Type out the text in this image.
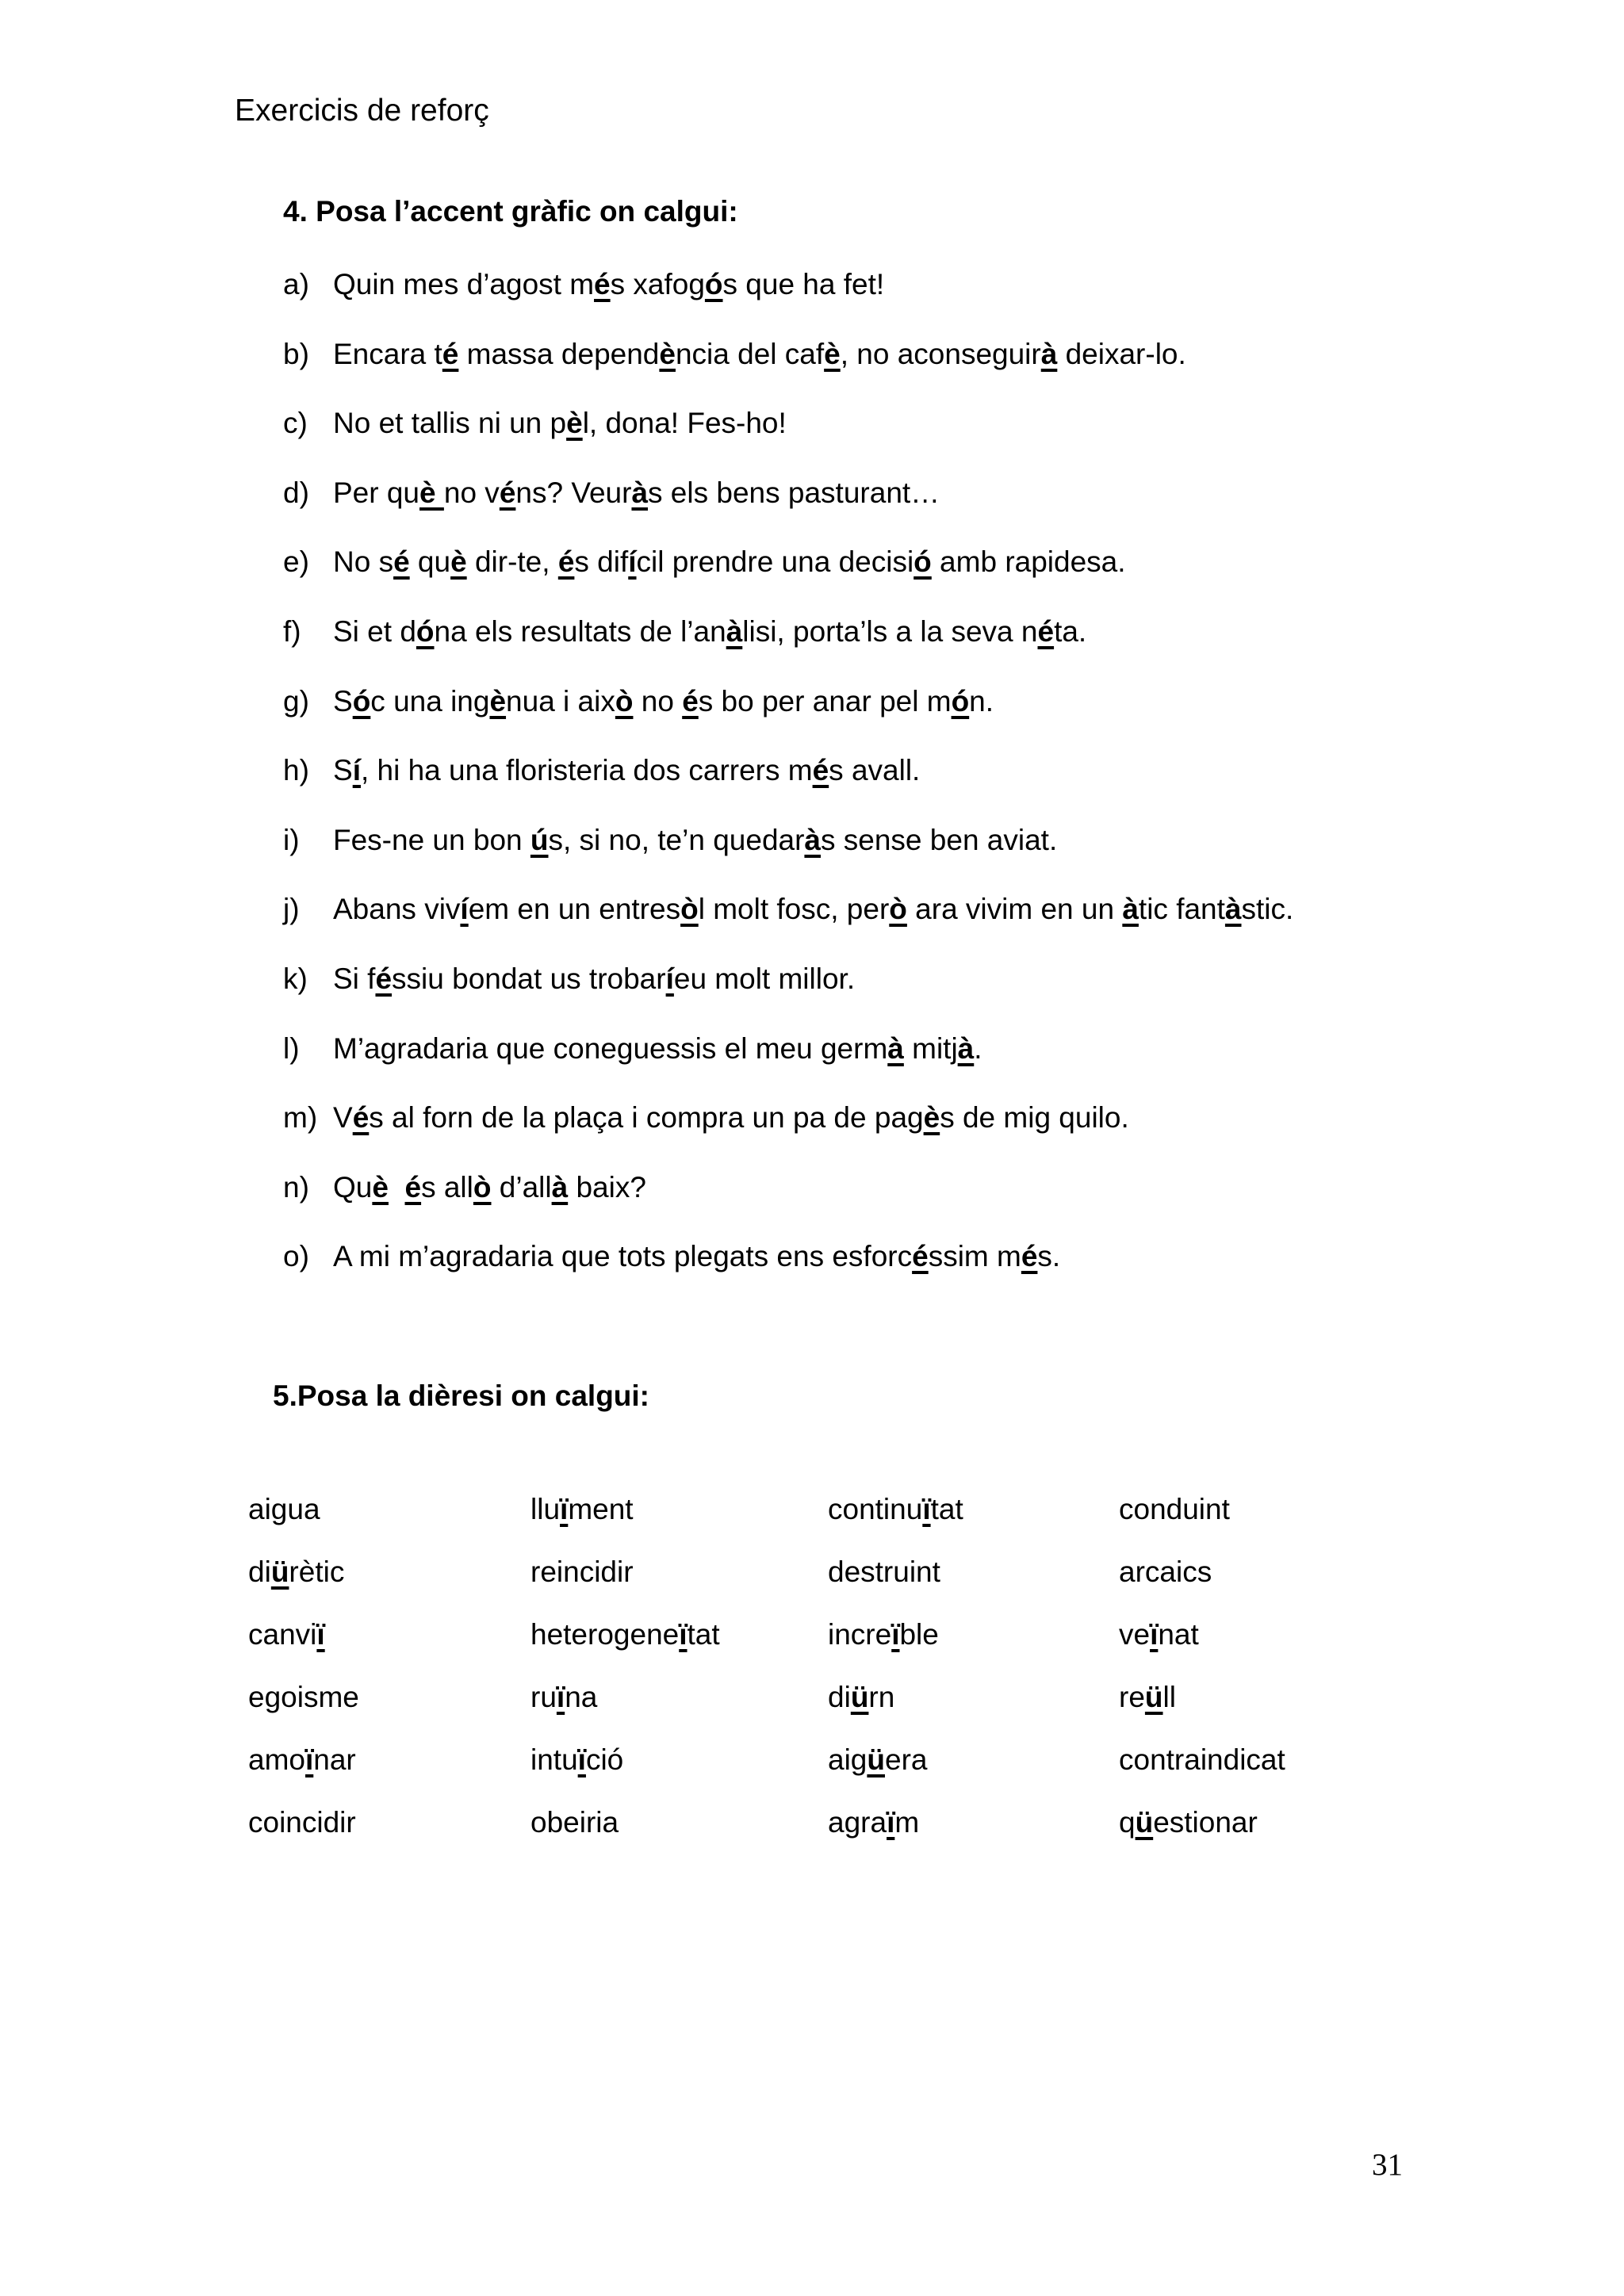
Exercicis de reforç
4. Posa l’accent gràfic on calgui:
a) Quin mes d’agost més xafogós que ha fet!
b) Encara té massa dependència del cafè, no aconseguirà deixar-lo.
c) No et tallis ni un pèl, dona! Fes-ho!
d) Per què no véns? Veuràs els bens pasturant…
e) No sé què dir-te, és difícil prendre una decisió amb rapidesa.
f) Si et dóna els resultats de l’anàlisi, porta’ls a la seva néta.
g) Sóc una ingènua i això no és bo per anar pel món.
h) Sí, hi ha una floristeria dos carrers més avall.
i) Fes-ne un bon ús, si no, te’n quedaràs sense ben aviat.
j) Abans vivíem en un entresòl molt fosc, però ara vivim en un àtic fantàstic.
k) Si féssiu bondat us trobaríeu molt millor.
l) M’agradaria que coneguessis el meu germà mitjà.
m) Vés al forn de la plaça i compra un pa de pagès de mig quilo.
n) Què és allò d’allà baix?
o) A mi m’agradaria que tots plegats ens esforcéssim més.
5.Posa la dièresi on calgui:
aigua
diürètic
canviï
egoisme
amoïnar
coincidir
lluïment
reincidir
heterogeneïtat
ruïna
intuïció
obeiria
continuïtat
destruint
increïble
diürn
aigüera
agraïm
conduint
arcaics
veïnat
reüll
contraindicat
qüestionar
31
